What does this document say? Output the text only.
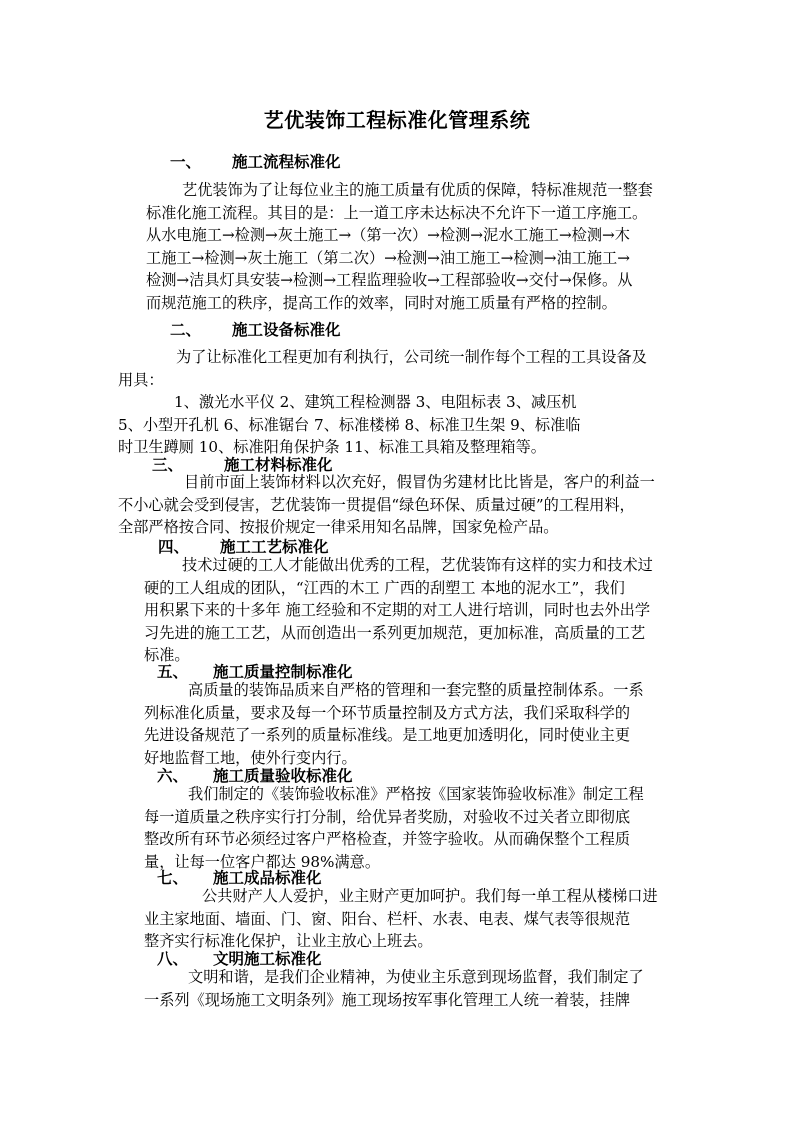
艺优装饰工程标准化管理系统
一、 施工流程标准化
艺优装饰为了让每位业主的施工质量有优质的保障，特标准规范一整套
标准化施工流程。其目的是：上一道工序未达标决不允许下一道工序施工。
从水电施工→检测→灰土施工→（第一次）→检测→泥水工施工→检测→木
工施工→检测→灰土施工（第二次）→检测→油工施工→检测→油工施工→
检测→洁具灯具安装→检测→工程监理验收→工程部验收→交付→保修。从
而规范施工的秩序，提高工作的效率，同时对施工质量有严格的控制。
二、 施工设备标准化
为了让标准化工程更加有利执行，公司统一制作每个工程的工具设备及
用具：
1、激光水平仪 2、建筑工程检测器 3、电阻标表 3、减压机
5、小型开孔机 6、标准锯台 7、标准楼梯 8、标准卫生架 9、标准临
时卫生蹲厕 10、标准阳角保护条 11、标准工具箱及整理箱等。
三、	施工材料标准化
目前市面上装饰材料以次充好，假冒伪劣建材比比皆是，客户的利益一
不小心就会受到侵害，艺优装饰一贯提倡“绿色环保、质量过硬”的工程用料，
全部严格按合同、按报价规定一律采用知名品牌，国家免检产品。
四、 施工工艺标准化
技术过硬的工人才能做出优秀的工程，艺优装饰有这样的实力和技术过
硬的工人组成的团队，“江西的木工 广西的刮塑工 本地的泥水工”，我们
用积累下来的十多年 施工经验和不定期的对工人进行培训，同时也去外出学
习先进的施工工艺，从而创造出一系列更加规范，更加标准，高质量的工艺
标准。
五、 施工质量控制标准化
高质量的装饰品质来自严格的管理和一套完整的质量控制体系。一系
列标准化质量，要求及每一个环节质量控制及方式方法，我们采取科学的
先进设备规范了一系列的质量标准线。是工地更加透明化，同时使业主更
好地监督工地，使外行变内行。
六、 施工质量验收标准化
我们制定的《装饰验收标准》严格按《国家装饰验收标准》制定工程
每一道质量之秩序实行打分制，给优异者奖励，对验收不过关者立即彻底
整改所有环节必须经过客户严格检查，并签字验收。从而确保整个工程质
量，让每一位客户都达 98%满意。
七、 施工成品标准化
公共财产人人爱护，业主财产更加呵护。我们每一单工程从楼梯口进
业主家地面、墙面、门、窗、阳台、栏杆、水表、电表、煤气表等很规范
整齐实行标准化保护，让业主放心上班去。
八、 文明施工标准化
文明和谐，是我们企业精神，为使业主乐意到现场监督，我们制定了
一系列《现场施工文明条列》施工现场按军事化管理工人统一着装，挂牌
